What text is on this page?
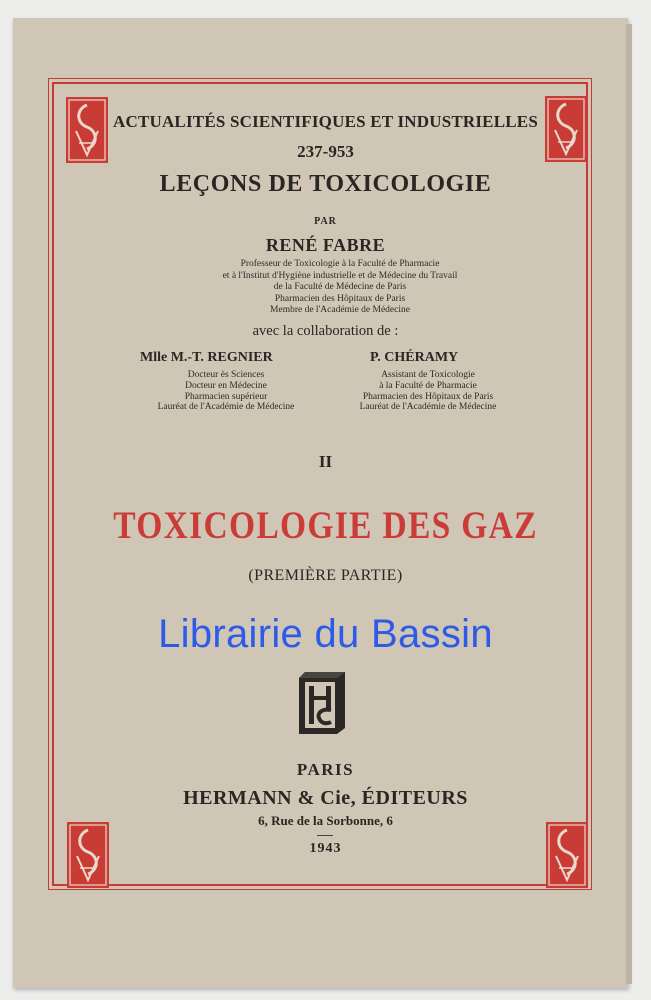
ACTUALITÉS SCIENTIFIQUES ET INDUSTRIELLES
237-953
LEÇONS DE TOXICOLOGIE
PAR
RENÉ FABRE
Professeur de Toxicologie à la Faculté de Pharmacie
et à l'Institut d'Hygiène industrielle et de Médecine du Travail
de la Faculté de Médecine de Paris
Pharmacien des Hôpitaux de Paris
Membre de l'Académie de Médecine
avec la collaboration de :
Mlle M.-T. REGNIER	P. CHÉRAMY
Docteur ès Sciences
Docteur en Médecine
Pharmacien supérieur
Lauréat de l'Académie de Médecine
Assistant de Toxicologie
à la Faculté de Pharmacie
Pharmacien des Hôpitaux de Paris
Lauréat de l'Académie de Médecine
II
TOXICOLOGIE DES GAZ
(PREMIÈRE PARTIE)
Librairie du Bassin
PARIS
HERMANN & Cie, ÉDITEURS
6, Rue de la Sorbonne, 6
1943
